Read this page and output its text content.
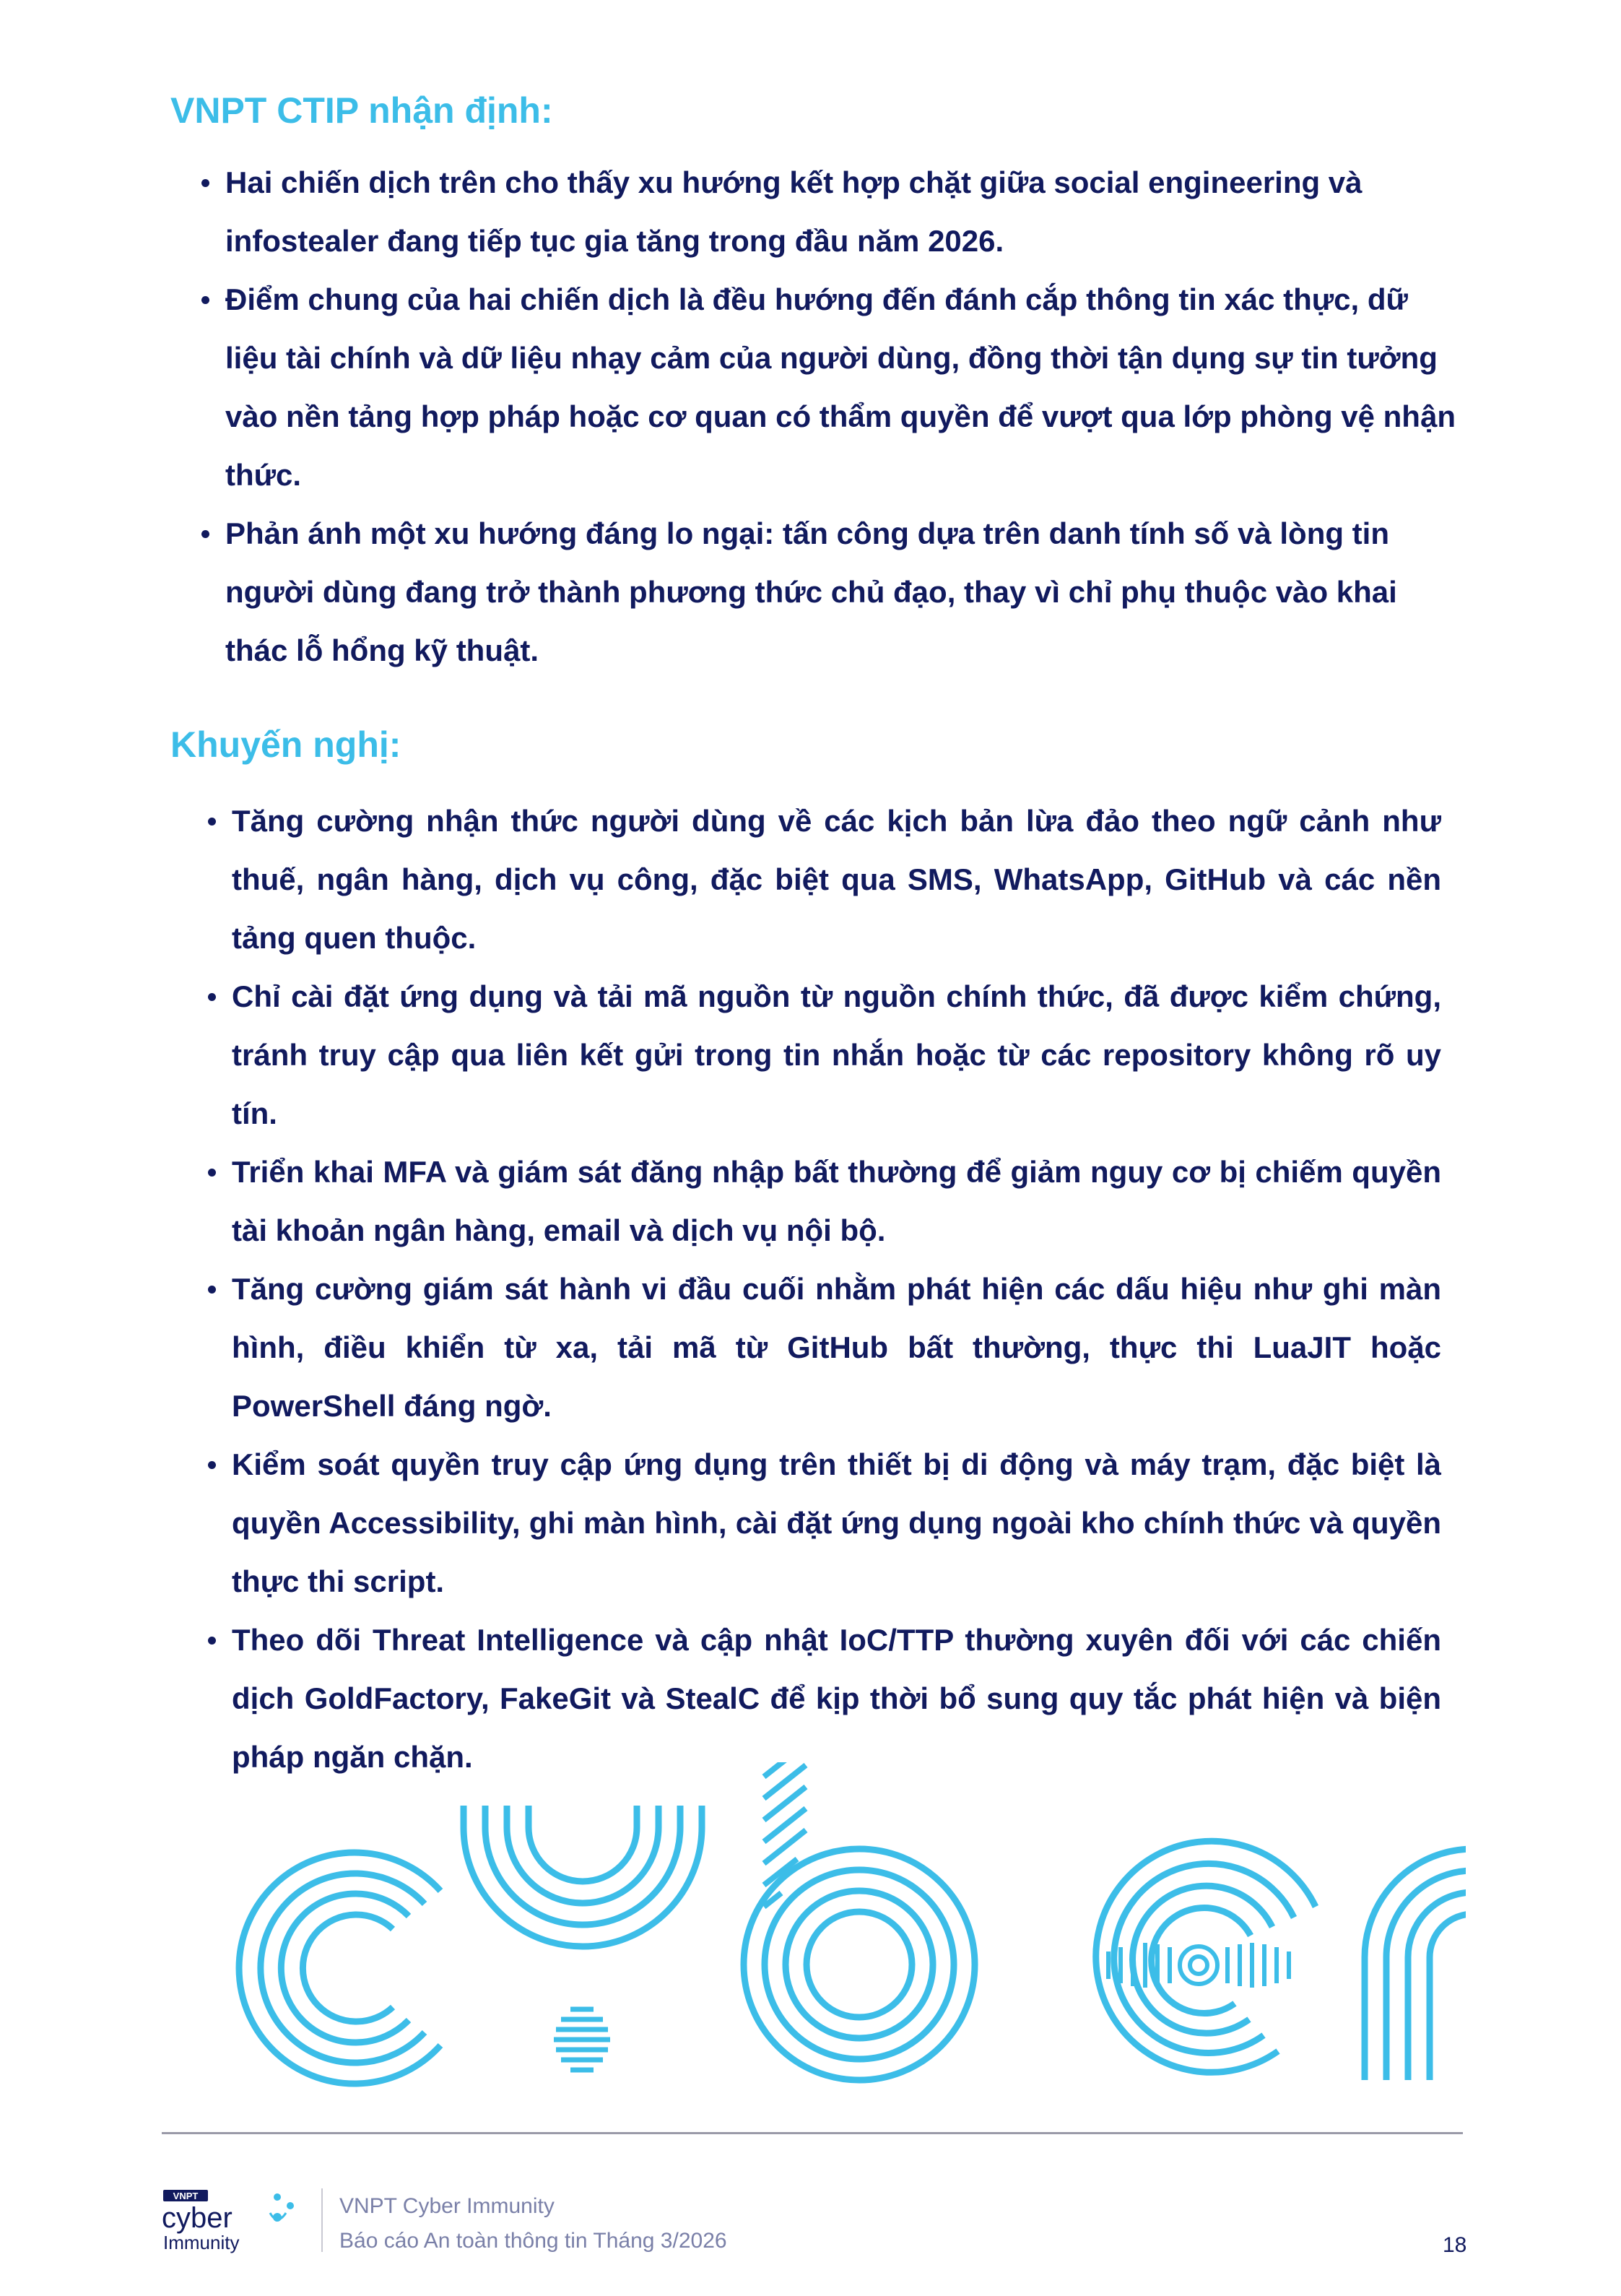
VNPT CTIP nhận định:
Hai chiến dịch trên cho thấy xu hướng kết hợp chặt giữa social engineering và infostealer đang tiếp tục gia tăng trong đầu năm 2026.
Điểm chung của hai chiến dịch là đều hướng đến đánh cắp thông tin xác thực, dữ liệu tài chính và dữ liệu nhạy cảm của người dùng, đồng thời tận dụng sự tin tưởng vào nền tảng hợp pháp hoặc cơ quan có thẩm quyền để vượt qua lớp phòng vệ nhận thức.
Phản ánh một xu hướng đáng lo ngại: tấn công dựa trên danh tính số và lòng tin người dùng đang trở thành phương thức chủ đạo, thay vì chỉ phụ thuộc vào khai thác lỗ hổng kỹ thuật.
Khuyến nghị:
Tăng cường nhận thức người dùng về các kịch bản lừa đảo theo ngữ cảnh như thuế, ngân hàng, dịch vụ công, đặc biệt qua SMS, WhatsApp, GitHub và các nền tảng quen thuộc.
Chỉ cài đặt ứng dụng và tải mã nguồn từ nguồn chính thức, đã được kiểm chứng, tránh truy cập qua liên kết gửi trong tin nhắn hoặc từ các repository không rõ uy tín.
Triển khai MFA và giám sát đăng nhập bất thường để giảm nguy cơ bị chiếm quyền tài khoản ngân hàng, email và dịch vụ nội bộ.
Tăng cường giám sát hành vi đầu cuối nhằm phát hiện các dấu hiệu như ghi màn hình, điều khiển từ xa, tải mã từ GitHub bất thường, thực thi LuaJIT hoặc PowerShell đáng ngờ.
Kiểm soát quyền truy cập ứng dụng trên thiết bị di động và máy trạm, đặc biệt là quyền Accessibility, ghi màn hình, cài đặt ứng dụng ngoài kho chính thức và quyền thực thi script.
Theo dõi Threat Intelligence và cập nhật IoC/TTP thường xuyên đối với các chiến dịch GoldFactory, FakeGit và StealC để kịp thời bổ sung quy tắc phát hiện và biện pháp ngăn chặn.
VNPT
cyber
Immunity
VNPT Cyber Immunity
Báo cáo An toàn thông tin Tháng 3/2026	18
